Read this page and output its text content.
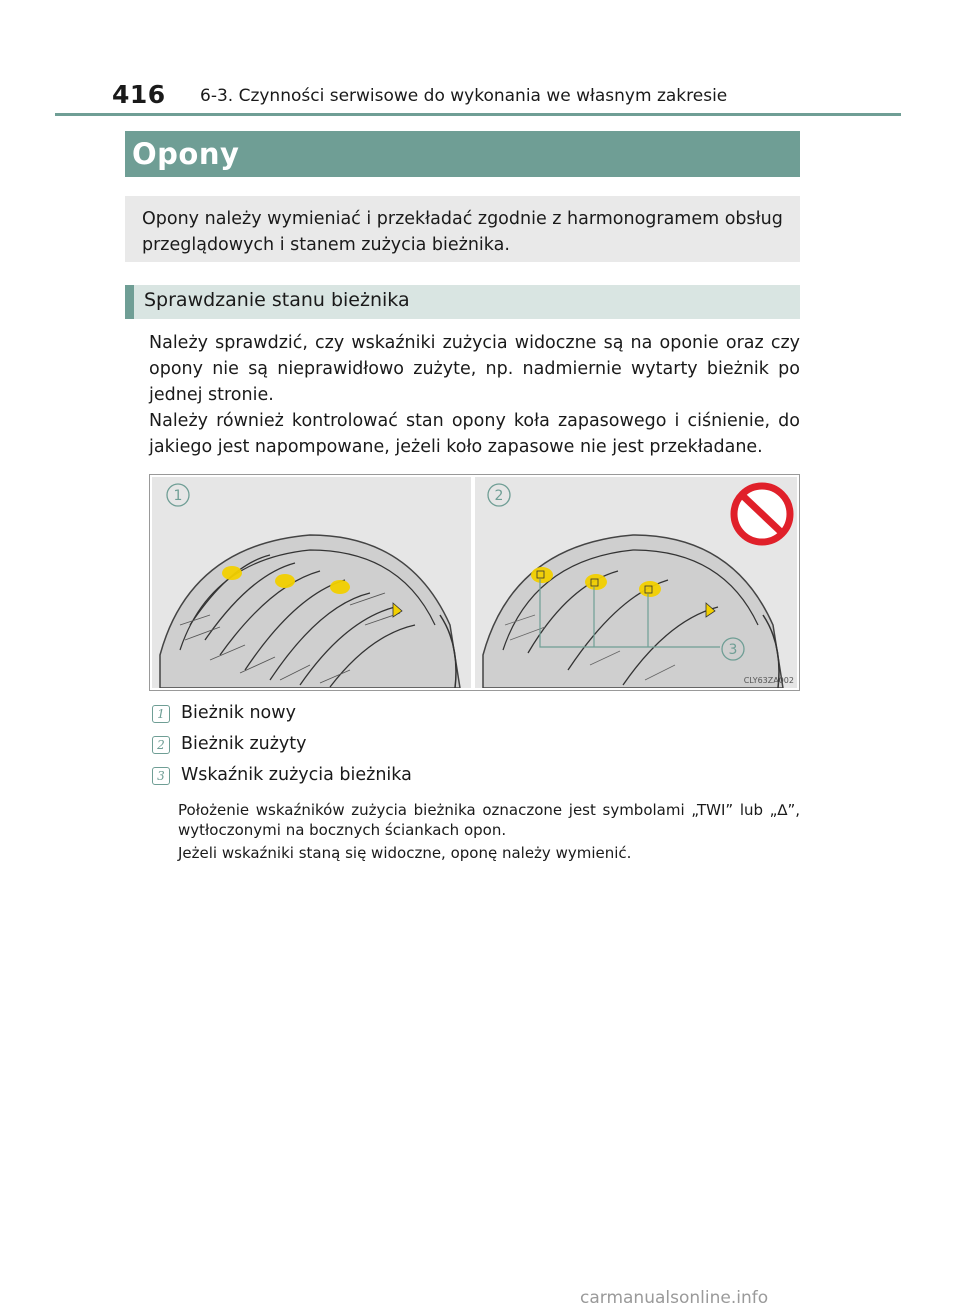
416 6-3. Czynności serwisowe do wykonania we własnym zakresie
Opony

Opony należy wymieniać i przekładać zgodnie z harmonogramem obsług przeglądowych i stanem zużycia bieżnika.

Sprawdzanie stanu bieżnika

Należy sprawdzić, czy wskaźniki zużycia widoczne są na oponie oraz czy opony nie są nieprawidłowo zużyte, np. nadmiernie wytarty bieżnik po jednej stronie.

Należy również kontrolować stan opony koła zapasowego i ciśnienie, do jakiego jest napompowane, jeżeli koło zapasowe nie jest przekładane.

1	2
3
CLY63ZA002
1 Bieżnik nowy
2 Bieżnik zużyty
3 Wskaźnik zużycia bieżnika

Położenie wskaźników zużycia bieżnika oznaczone jest symbolami „TWI” lub „∆”, wytłoczonymi na bocznych ściankach opon.

Jeżeli wskaźniki staną się widoczne, oponę należy wymienić.

carmanualsonline.info
